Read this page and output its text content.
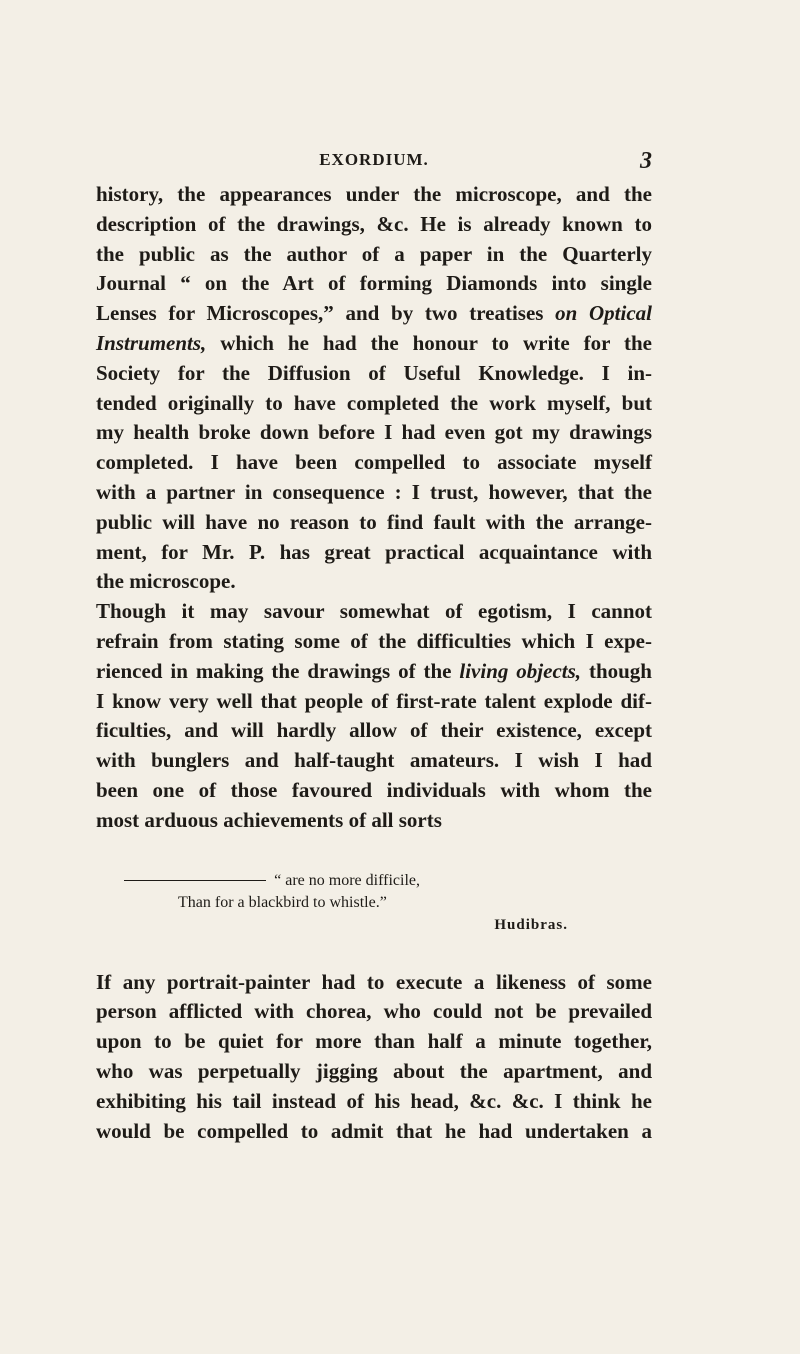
EXORDIUM.	3
history, the appearances under the microscope, and the
description of the drawings, &c. He is already known to
the public as the author of a paper in the Quarterly
Journal “ on the Art of forming Diamonds into single
Lenses for Microscopes,” and by two treatises on Optical
Instruments, which he had the honour to write for the
Society for the Diffusion of Useful Knowledge. I in-
tended originally to have completed the work myself, but
my health broke down before I had even got my drawings
completed. I have been compelled to associate myself
with a partner in consequence : I trust, however, that the
public will have no reason to find fault with the arrange-
ment, for Mr. P. has great practical acquaintance with
the microscope.
Though it may savour somewhat of egotism, I cannot
refrain from stating some of the difficulties which I expe-
rienced in making the drawings of the living objects, though
I know very well that people of first-rate talent explode dif-
ficulties, and will hardly allow of their existence, except
with bunglers and half-taught amateurs. I wish I had
been one of those favoured individuals with whom the
most arduous achievements of all sorts
“ are no more difficile,
Than for a blackbird to whistle.”
Hudibras.
If any portrait-painter had to execute a likeness of some
person afflicted with chorea, who could not be prevailed
upon to be quiet for more than half a minute together,
who was perpetually jigging about the apartment, and
exhibiting his tail instead of his head, &c. &c. I think he
would be compelled to admit that he had undertaken a
